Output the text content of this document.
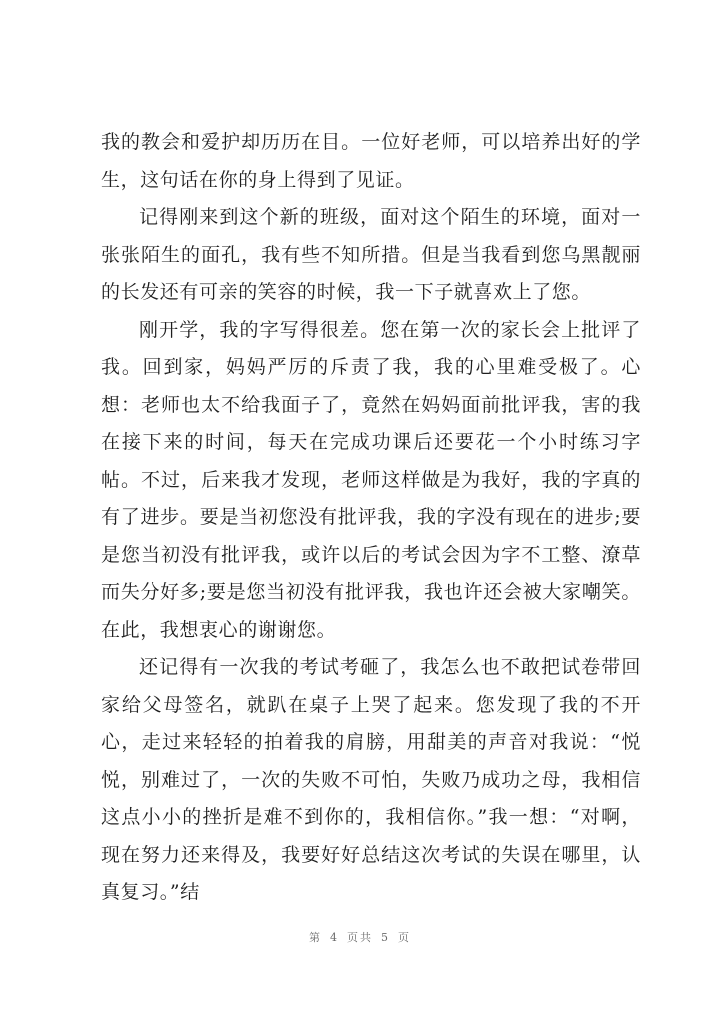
我的教会和爱护却历历在目。一位好老师，可以培养出好的学生，这句话在你的身上得到了见证。

记得刚来到这个新的班级，面对这个陌生的环境，面对一张张陌生的面孔，我有些不知所措。但是当我看到您乌黑靓丽的长发还有可亲的笑容的时候，我一下子就喜欢上了您。

刚开学，我的字写得很差。您在第一次的家长会上批评了我。回到家，妈妈严厉的斥责了我，我的心里难受极了。心想：老师也太不给我面子了，竟然在妈妈面前批评我，害的我在接下来的时间，每天在完成功课后还要花一个小时练习字帖。不过，后来我才发现，老师这样做是为我好，我的字真的有了进步。要是当初您没有批评我，我的字没有现在的进步;要是您当初没有批评我，或许以后的考试会因为字不工整、潦草而失分好多;要是您当初没有批评我，我也许还会被大家嘲笑。在此，我想衷心的谢谢您。

还记得有一次我的考试考砸了，我怎么也不敢把试卷带回家给父母签名，就趴在桌子上哭了起来。您发现了我的不开心，走过来轻轻的拍着我的肩膀，用甜美的声音对我说：“悦悦，别难过了，一次的失败不可怕，失败乃成功之母，我相信这点小小的挫折是难不到你的，我相信你。”我一想：“对啊，现在努力还来得及，我要好好总结这次考试的失误在哪里，认真复习。”结

第 4 页共 5 页
